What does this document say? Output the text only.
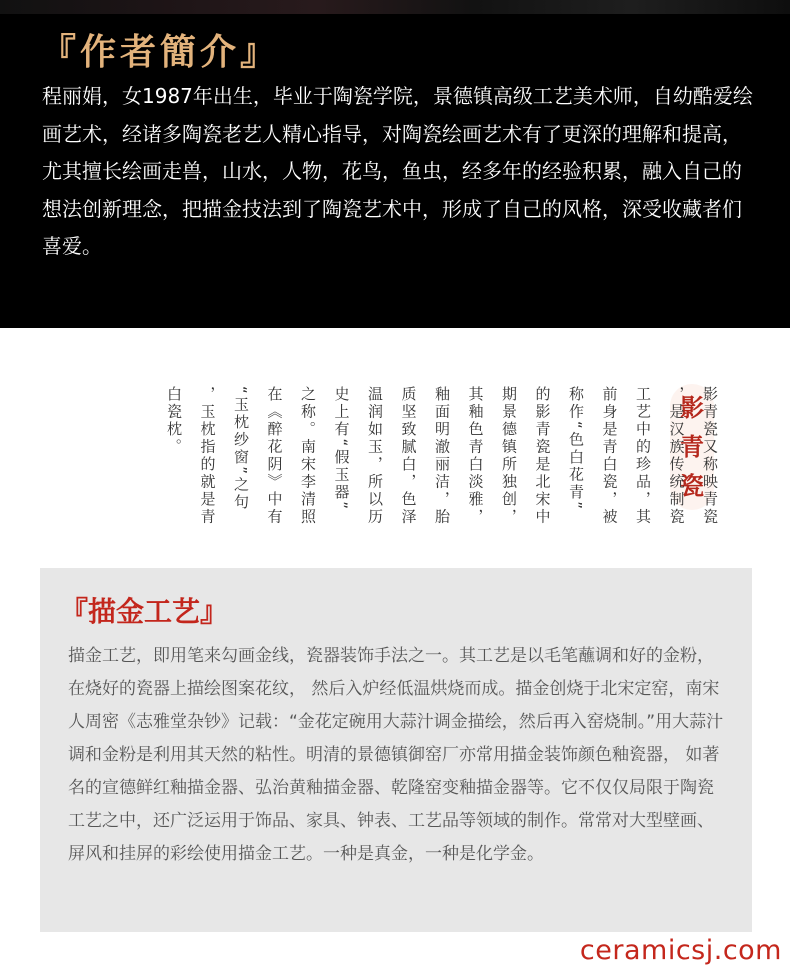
『作者簡介』

程丽娟，女1987年出生，毕业于陶瓷学院，景德镇高级工艺美术师，自幼酷爱绘画艺术，经诸多陶瓷老艺人精心指导，对陶瓷绘画艺术有了更深的理解和提高，尤其擅长绘画走兽，山水，人物，花鸟，鱼虫，经多年的经验积累，融入自己的想法创新理念，把描金技法到了陶瓷艺术中，形成了自己的风格，深受收藏者们喜爱。

影
青
瓷
影青瓷又称映青瓷
，是汉族传统制瓷
工艺中的珍品，其
前身是青白瓷，被
称作“色白花青”
的影青瓷是北宋中
期景德镇所独创，
其釉色青白淡雅，
釉面明澈丽洁，胎
质坚致腻白，色泽
温润如玉，所以历
史上有“假玉器”
之称。南宋李清照
在《醉花阴》中有
“玉枕纱窗”之句
，玉枕指的就是青
白瓷枕。
『描金工艺』

描金工艺，即用笔来勾画金线，瓷器装饰手法之一。其工艺是以毛笔蘸调和好的金粉，在烧好的瓷器上描绘图案花纹， 然后入炉经低温烘烧而成。描金创烧于北宋定窑，南宋人周密《志雅堂杂钞》记载：“金花定碗用大蒜汁调金描绘，然后再入窑烧制。”用大蒜汁调和金粉是利用其天然的粘性。明清的景德镇御窑厂亦常用描金装饰颜色釉瓷器， 如著名的宣德鲜红釉描金器、弘治黄釉描金器、乾隆窑变釉描金器等。它不仅仅局限于陶瓷工艺之中，还广泛运用于饰品、家具、钟表、工艺品等领域的制作。常常对大型壁画、屏风和挂屏的彩绘使用描金工艺。一种是真金，一种是化学金。

ceramicsj.com
